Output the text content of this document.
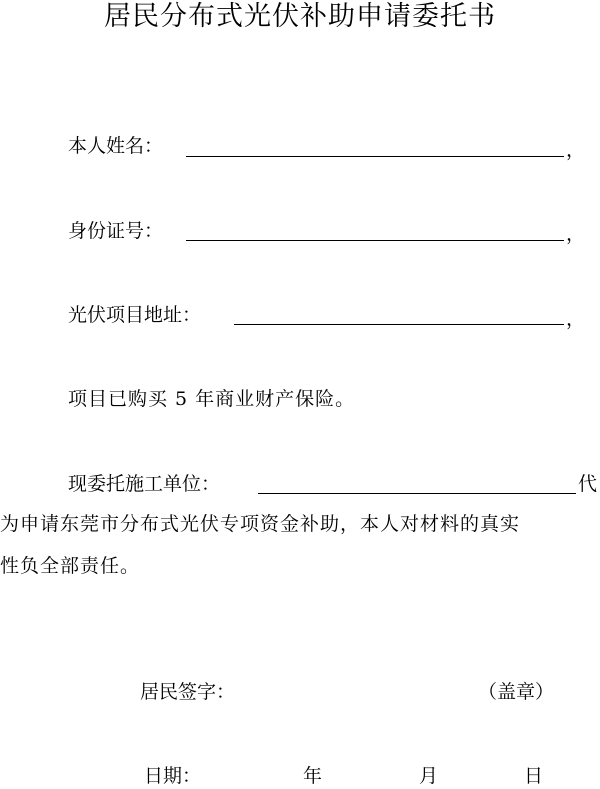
居民分布式光伏补助申请委托书
本人姓名：	，
身份证号：	，
光伏项目地址：	，
项目已购买 5 年商业财产保险。
现委托施工单位：	代
为申请东莞市分布式光伏专项资金补助，本人对材料的真实
性负全部责任。
居民签字：	（盖章）
日期：	年	月	日
